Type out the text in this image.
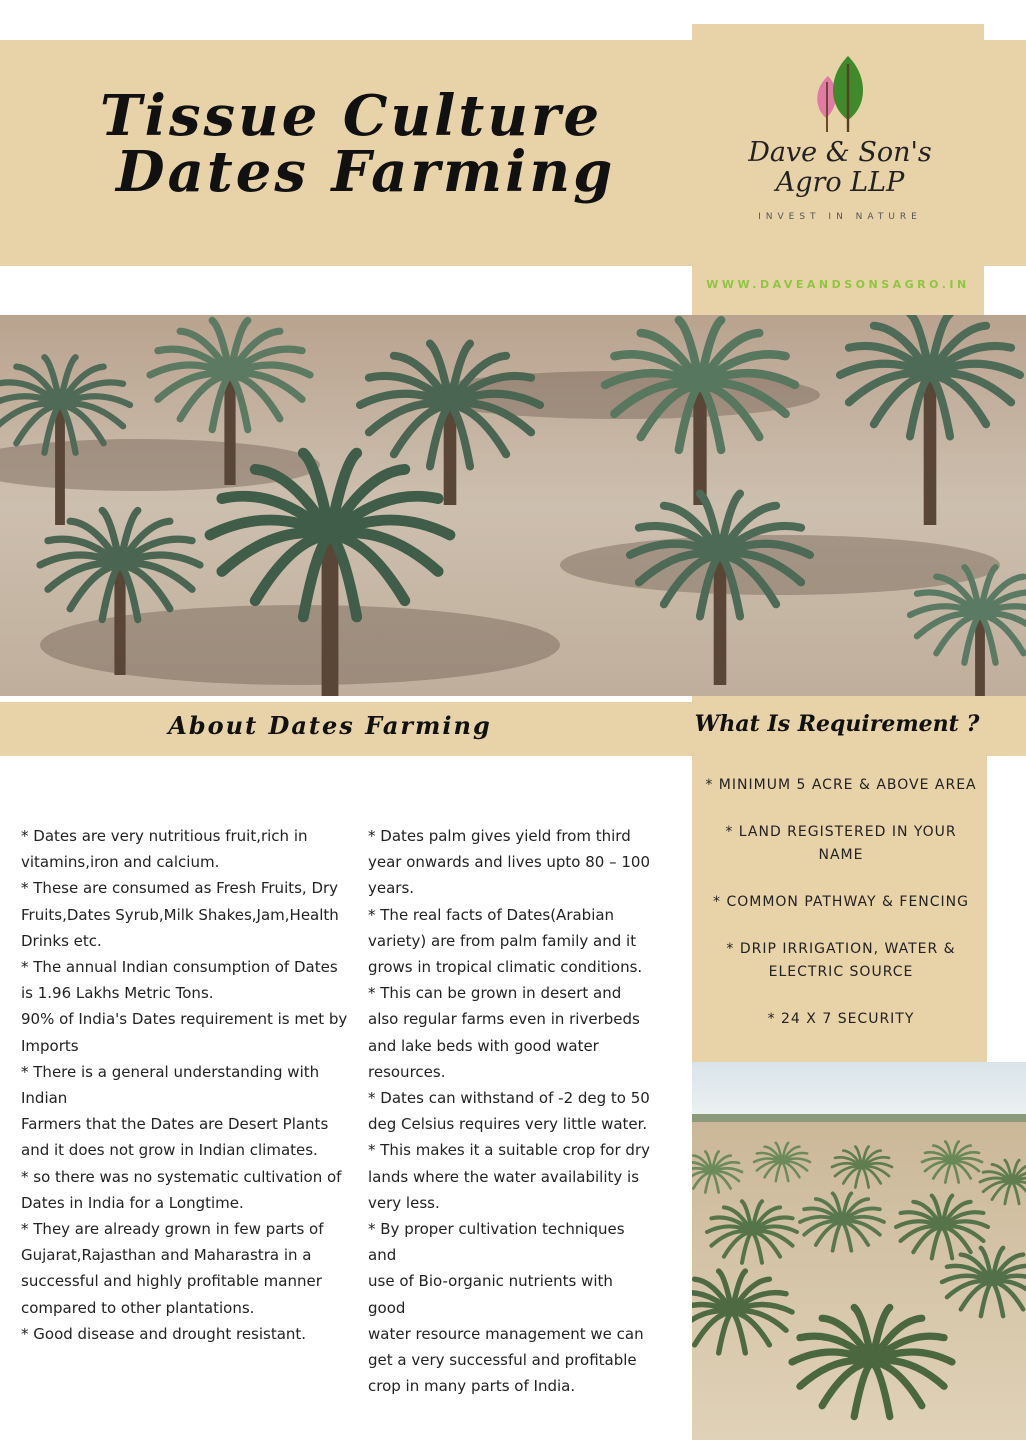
Tissue Culture
Dates Farming	Dave & Son's
Agro LLP
INVEST IN NATURE
WWW.DAVEANDSONSAGRO.IN
About Dates Farming	What Is Requirement ?
* MINIMUM 5 ACRE & ABOVE AREA
* LAND REGISTERED IN YOUR NAME
* COMMON PATHWAY & FENCING
* DRIP IRRIGATION, WATER & ELECTRIC SOURCE
* 24 X 7 SECURITY

* Dates are very nutritious fruit,rich in vitamins,iron and calcium.

* These are consumed as Fresh Fruits, Dry Fruits,Dates Syrub,Milk Shakes,Jam,Health Drinks etc.

* The annual Indian consumption of Dates is 1.96 Lakhs Metric Tons.

90% of India's Dates requirement is met by Imports

* There is a general understanding with Indian

Farmers that the Dates are Desert Plants and it does not grow in Indian climates.

* so there was no systematic cultivation of Dates in India for a Longtime.

* They are already grown in few parts of Gujarat,Rajasthan and Maharastra in a successful and highly profitable manner compared to other plantations.

* Good disease and drought resistant.

* Dates palm gives yield from third year onwards and lives upto 80 – 100 years.

* The real facts of Dates(Arabian variety) are from palm family and it grows in tropical climatic conditions.

* This can be grown in desert and also regular farms even in riverbeds and lake beds with good water resources.

* Dates can withstand of -2 deg to 50 deg Celsius requires very little water.

* This makes it a suitable crop for dry lands where the water availability is very less.

* By proper cultivation techniques and

use of Bio-organic nutrients with good

water resource management we can get a very successful and profitable crop in many parts of India.
